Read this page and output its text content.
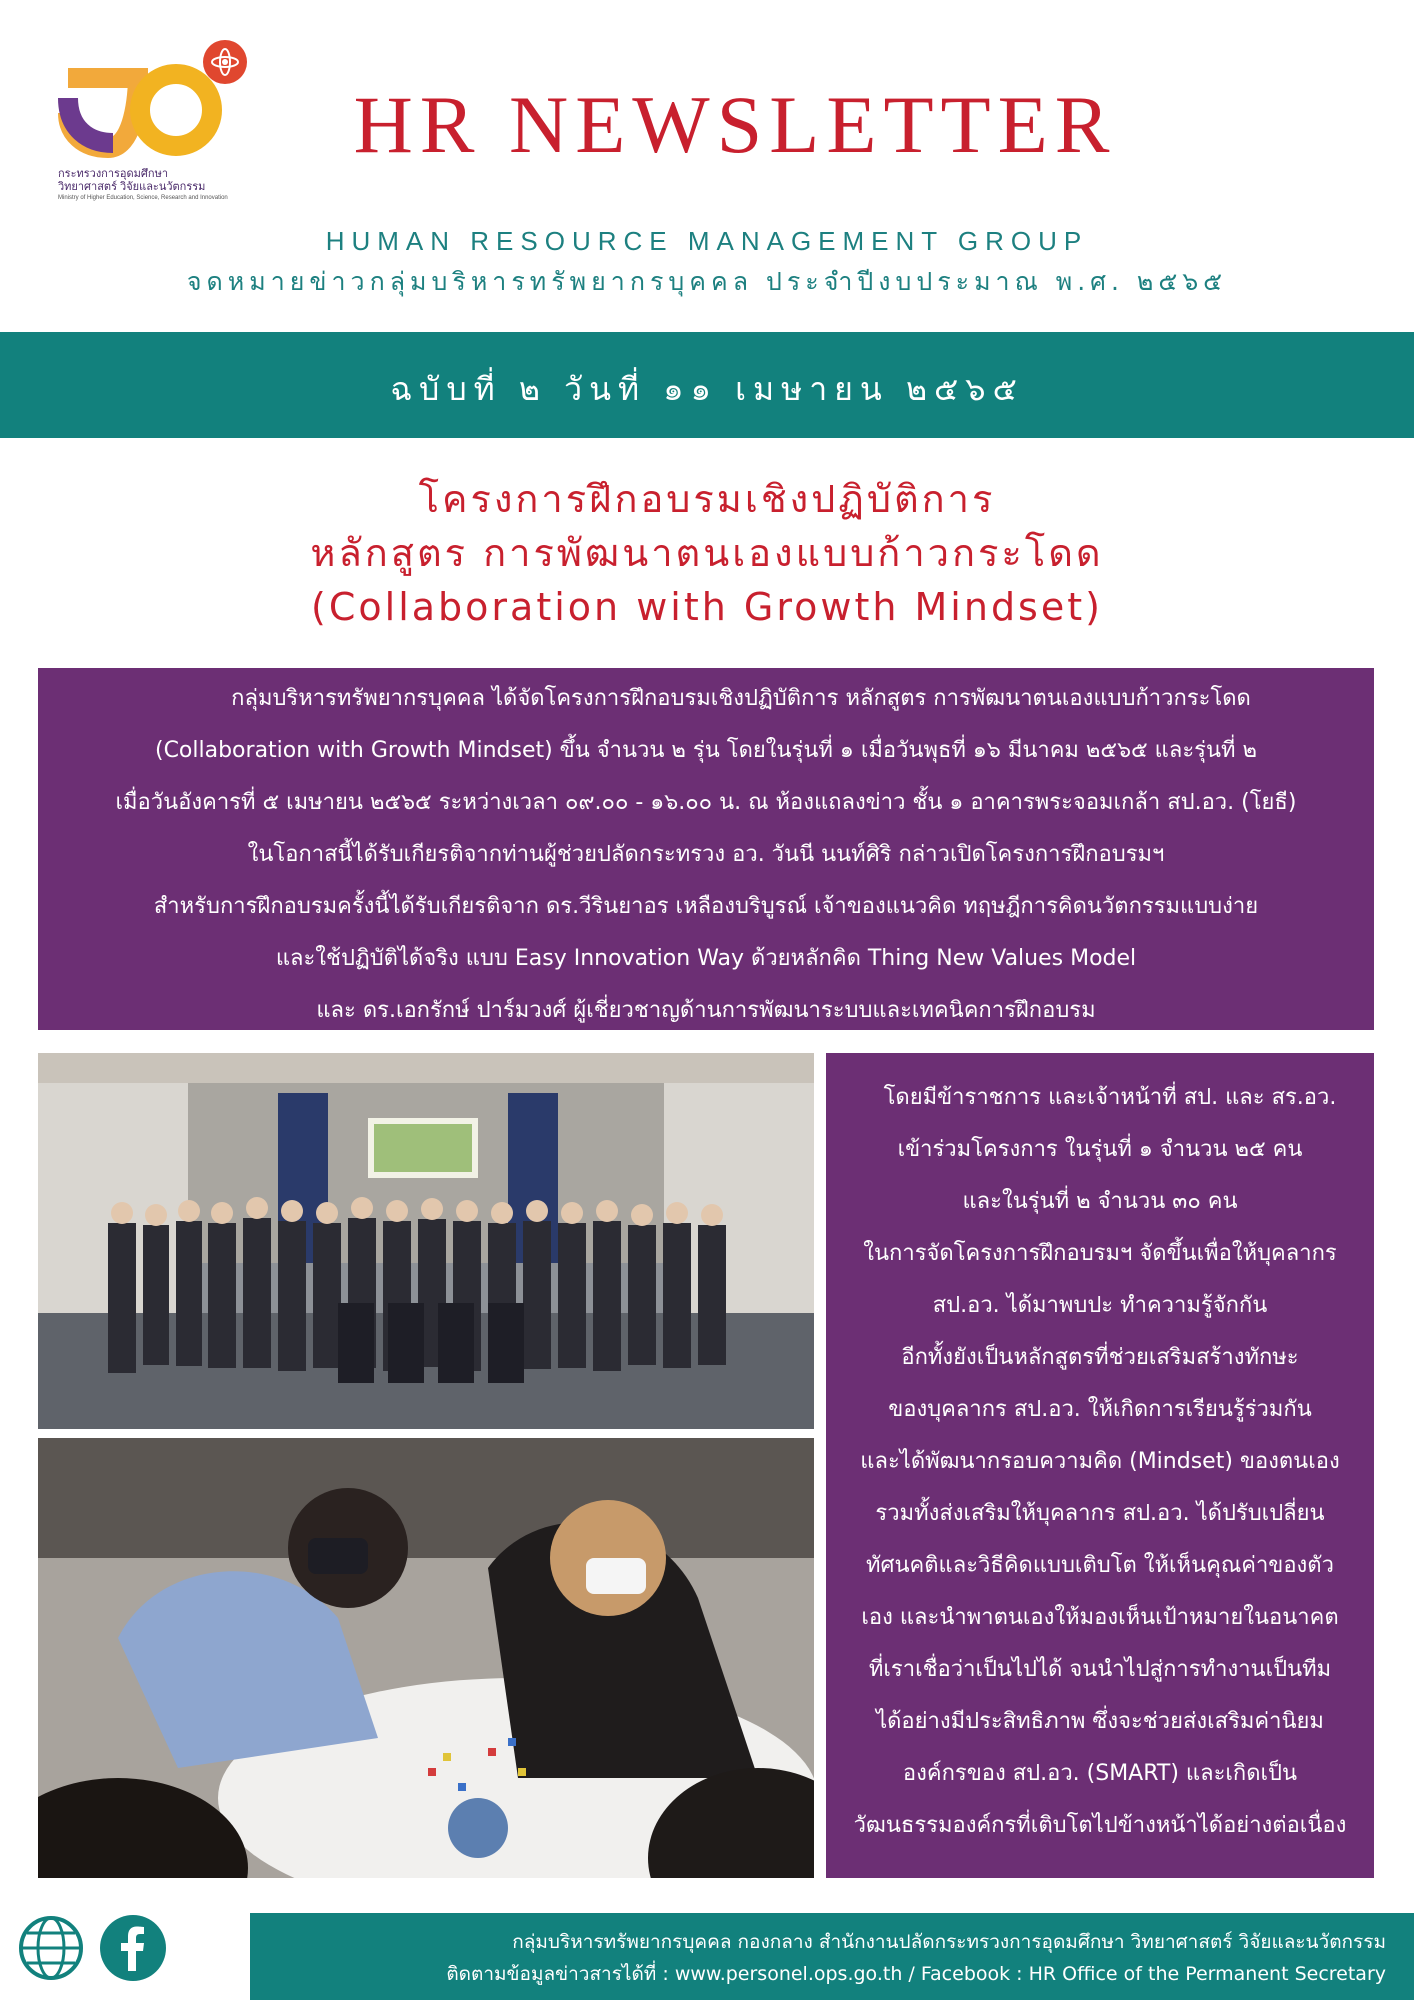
กระทรวงการอุดมศึกษา
วิทยาศาสตร์ วิจัยและนวัตกรรม
Ministry of Higher Education, Science, Research and Innovation
HR NEWSLETTER
HUMAN RESOURCE MANAGEMENT GROUP
จดหมายข่าวกลุ่มบริหารทรัพยากรบุคคล ประจำปีงบประมาณ พ.ศ. ๒๕๖๕
ฉบับที่ ๒ วันที่ ๑๑ เมษายน ๒๕๖๕
โครงการฝึกอบรมเชิงปฏิบัติการ
หลักสูตร การพัฒนาตนเองแบบก้าวกระโดด
(Collaboration with Growth Mindset)
กลุ่มบริหารทรัพยากรบุคคล ได้จัดโครงการฝึกอบรมเชิงปฏิบัติการ หลักสูตร การพัฒนาตนเองแบบก้าวกระโดด
(Collaboration with Growth Mindset) ขึ้น จำนวน ๒ รุ่น โดยในรุ่นที่ ๑ เมื่อวันพุธที่ ๑๖ มีนาคม ๒๕๖๕ และรุ่นที่ ๒
เมื่อวันอังคารที่ ๕ เมษายน ๒๕๖๕ ระหว่างเวลา ๐๙.๐๐ - ๑๖.๐๐ น. ณ ห้องแถลงข่าว ชั้น ๑ อาคารพระจอมเกล้า สป.อว. (โยธี)
ในโอกาสนี้ได้รับเกียรติจากท่านผู้ช่วยปลัดกระทรวง อว. วันนี นนท์ศิริ กล่าวเปิดโครงการฝึกอบรมฯ
สำหรับการฝึกอบรมครั้งนี้ได้รับเกียรติจาก ดร.วีรินยาอร เหลืองบริบูรณ์ เจ้าของแนวคิด ทฤษฎีการคิดนวัตกรรมแบบง่าย
และใช้ปฏิบัติได้จริง แบบ Easy Innovation Way ด้วยหลักคิด Thing New Values Model
และ ดร.เอกรักษ์ ปาร์มวงศ์ ผู้เชี่ยวชาญด้านการพัฒนาระบบและเทคนิคการฝึกอบรม
โดยมีข้าราชการ และเจ้าหน้าที่ สป. และ สร.อว.
เข้าร่วมโครงการ ในรุ่นที่ ๑ จำนวน ๒๕ คน
และในรุ่นที่ ๒ จำนวน ๓๐ คน
ในการจัดโครงการฝึกอบรมฯ จัดขึ้นเพื่อให้บุคลากร
สป.อว. ได้มาพบปะ ทำความรู้จักกัน
อีกทั้งยังเป็นหลักสูตรที่ช่วยเสริมสร้างทักษะ
ของบุคลากร สป.อว. ให้เกิดการเรียนรู้ร่วมกัน
และได้พัฒนากรอบความคิด (Mindset) ของตนเอง
รวมทั้งส่งเสริมให้บุคลากร สป.อว. ได้ปรับเปลี่ยน
ทัศนคติและวิธีคิดแบบเติบโต ให้เห็นคุณค่าของตัว
เอง และนำพาตนเองให้มองเห็นเป้าหมายในอนาคต
ที่เราเชื่อว่าเป็นไปได้ จนนำไปสู่การทำงานเป็นทีม
ได้อย่างมีประสิทธิภาพ ซึ่งจะช่วยส่งเสริมค่านิยม
องค์กรของ สป.อว. (SMART) และเกิดเป็น
วัฒนธรรมองค์กรที่เติบโตไปข้างหน้าได้อย่างต่อเนื่อง
กลุ่มบริหารทรัพยากรบุคคล กองกลาง สำนักงานปลัดกระทรวงการอุดมศึกษา วิทยาศาสตร์ วิจัยและนวัตกรรม
ติดตามข้อมูลข่าวสารได้ที่ : www.personel.ops.go.th / Facebook : HR Office of the Permanent Secretary
